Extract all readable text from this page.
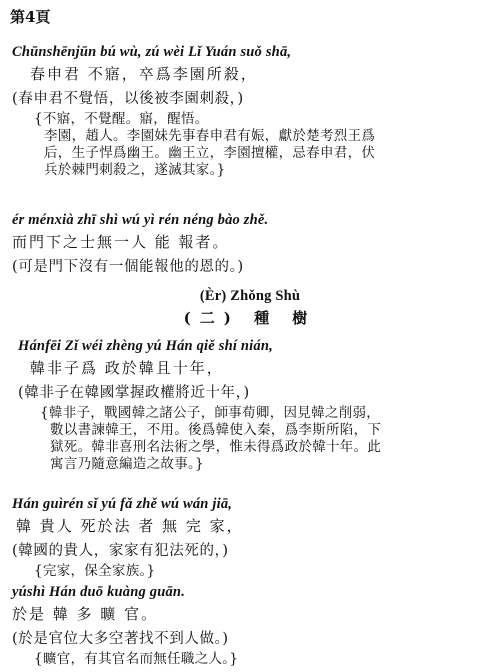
第4頁
Chūnshēnjūn bú wù, zú wèi Lǐ Yuán suǒ shā,
春申君 不寤，卒爲李園所殺，
(春申君不覺悟，以後被李園刺殺，)

{不寤，不覺醒。寤，醒悟。

李園，趙人。李園妹先事春申君有娠，獻於楚考烈王爲

后，生子悍爲幽王。幽王立，李園擅權，忌春申君，伏

兵於棘門刺殺之，遂滅其家。}

ér ménxià zhī shì wú yì rén néng bào zhě.
而門下之士無一人 能 報者。
(可是門下沒有一個能報他的恩的。)
(Èr) Zhǒng Shù
(二) 種 樹
Hánfēi Zǐ wéi zhèng yú Hán qiě shí nián,
韓非子爲 政於韓且十年，
(韓非子在韓國掌握政權將近十年，)

{韓非子，戰國韓之諸公子，師事荀卿，因見韓之削弱，

數以書諫韓王，不用。後爲韓使入秦，爲李斯所陷，下

獄死。韓非喜刑名法術之學，惟未得爲政於韓十年。此

寓言乃隨意編造之故事。}

Hán guìrén sǐ yú fǎ zhě wú wán jiā,
韓 貴人 死於法 者 無 完 家，
(韓國的貴人，家家有犯法死的，)

{完家，保全家族。}

yúshì Hán duō kuàng guān.
於是 韓 多 曠 官。
(於是官位大多空著找不到人做。)

{曠官，有其官名而無任職之人。}
